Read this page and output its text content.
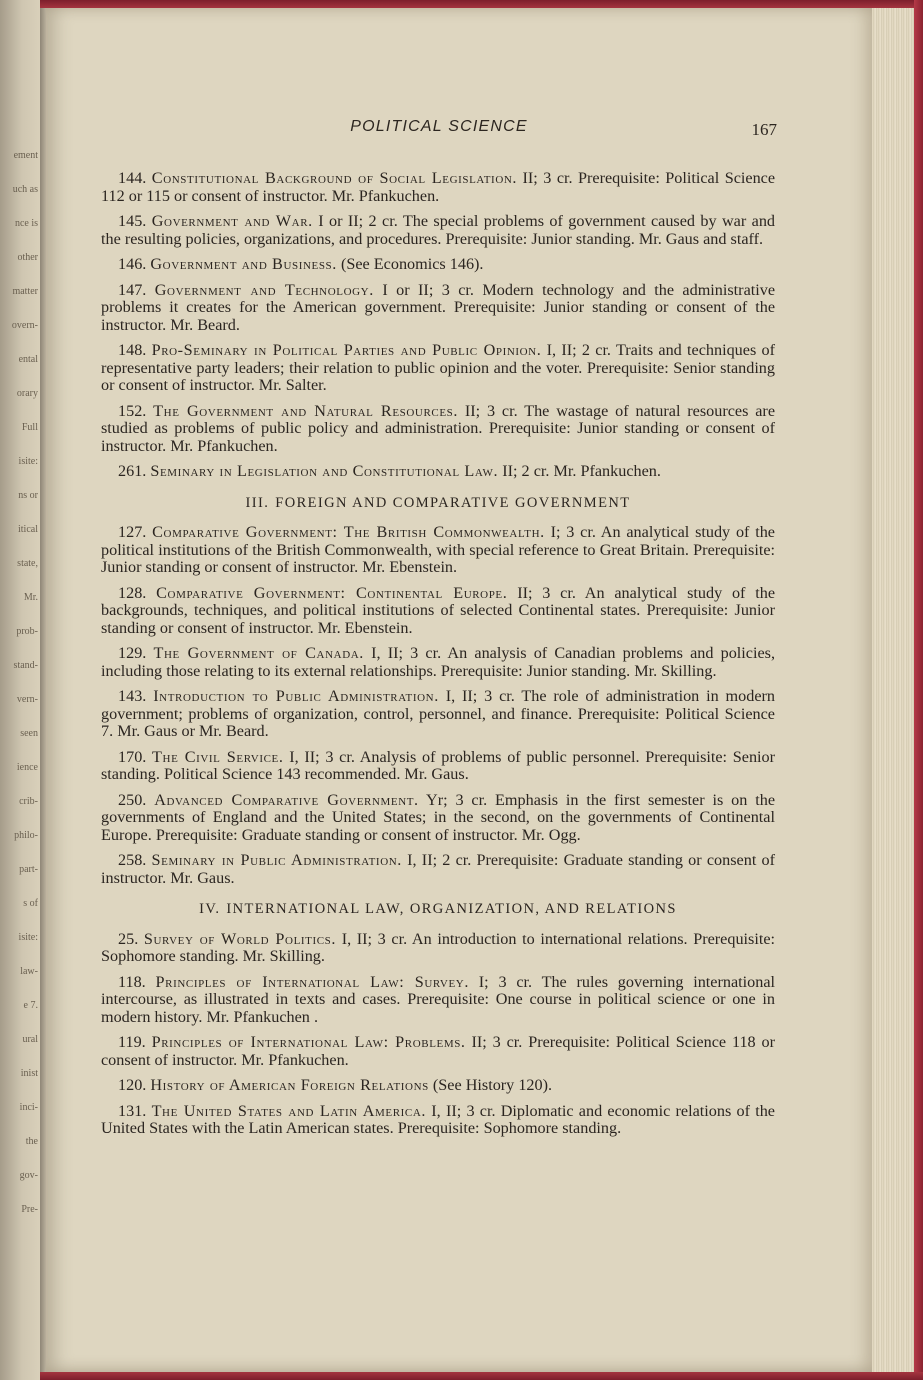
ement
uch as
nce is
other
matter
overn-
ental
orary
Full
isite:
ns or
itical
state,
Mr.
prob-
stand-
vern-
seen
ience
crib-
philo-
part-
s of
isite:
law-
e 7.
ural
inist
inci-
the
gov-
Pre-
POLITICAL SCIENCE	167

144. Constitutional Background of Social Legislation. II; 3 cr. Prerequisite: Political Science 112 or 115 or consent of instructor. Mr. Pfankuchen.

145. Government and War. I or II; 2 cr. The special problems of government caused by war and the resulting policies, organizations, and procedures. Prerequisite: Junior standing. Mr. Gaus and staff.

146. Government and Business. (See Economics 146).

147. Government and Technology. I or II; 3 cr. Modern technology and the administrative problems it creates for the American government. Prerequisite: Junior standing or consent of the instructor. Mr. Beard.

148. Pro-Seminary in Political Parties and Public Opinion. I, II; 2 cr. Traits and techniques of representative party leaders; their relation to public opinion and the voter. Prerequisite: Senior standing or consent of instructor. Mr. Salter.

152. The Government and Natural Resources. II; 3 cr. The wastage of natural resources are studied as problems of public policy and administration. Prerequisite: Junior standing or consent of instructor. Mr. Pfankuchen.

261. Seminary in Legislation and Constitutional Law. II; 2 cr. Mr. Pfankuchen.

III. FOREIGN AND COMPARATIVE GOVERNMENT

127. Comparative Government: The British Commonwealth. I; 3 cr. An analytical study of the political institutions of the British Commonwealth, with special reference to Great Britain. Prerequisite: Junior standing or consent of instructor. Mr. Ebenstein.

128. Comparative Government: Continental Europe. II; 3 cr. An analytical study of the backgrounds, techniques, and political institutions of selected Continental states. Prerequisite: Junior standing or consent of instructor. Mr. Ebenstein.

129. The Government of Canada. I, II; 3 cr. An analysis of Canadian problems and policies, including those relating to its external relationships. Prerequisite: Junior standing. Mr. Skilling.

143. Introduction to Public Administration. I, II; 3 cr. The role of administration in modern government; problems of organization, control, personnel, and finance. Prerequisite: Political Science 7. Mr. Gaus or Mr. Beard.

170. The Civil Service. I, II; 3 cr. Analysis of problems of public personnel. Prerequisite: Senior standing. Political Science 143 recommended. Mr. Gaus.

250. Advanced Comparative Government. Yr; 3 cr. Emphasis in the first semester is on the governments of England and the United States; in the second, on the governments of Continental Europe. Prerequisite: Graduate standing or consent of instructor. Mr. Ogg.

258. Seminary in Public Administration. I, II; 2 cr. Prerequisite: Graduate standing or consent of instructor. Mr. Gaus.

IV. INTERNATIONAL LAW, ORGANIZATION, AND RELATIONS

25. Survey of World Politics. I, II; 3 cr. An introduction to international relations. Prerequisite: Sophomore standing. Mr. Skilling.

118. Principles of International Law: Survey. I; 3 cr. The rules governing international intercourse, as illustrated in texts and cases. Prerequisite: One course in political science or one in modern history. Mr. Pfankuchen .

119. Principles of International Law: Problems. II; 3 cr. Prerequisite: Political Science 118 or consent of instructor. Mr. Pfankuchen.

120. History of American Foreign Relations (See History 120).

131. The United States and Latin America. I, II; 3 cr. Diplomatic and economic relations of the United States with the Latin American states. Prerequisite: Sophomore standing.
